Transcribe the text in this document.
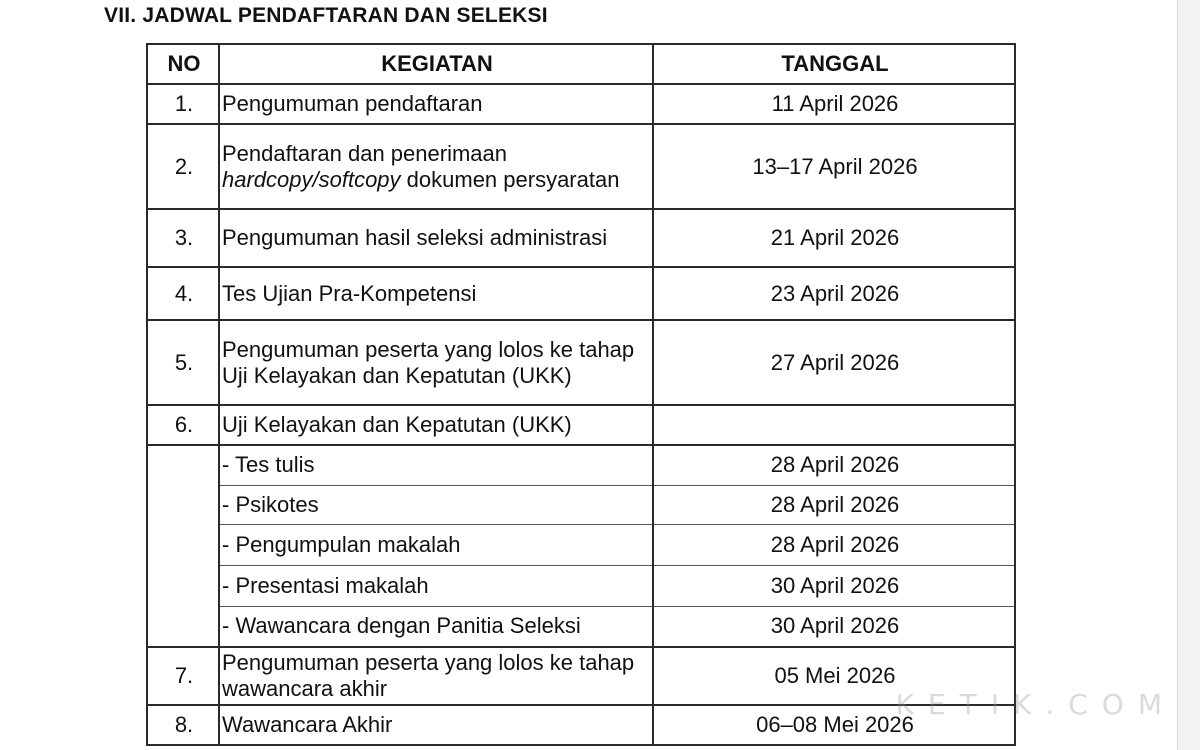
VII. JADWAL PENDAFTARAN DAN SELEKSI
NO	KEGIATAN	TANGGAL
1.	Pengumuman pendaftaran	11 April 2026
2.	Pendaftaran dan penerimaan hardcopy/softcopy dokumen persyaratan	13–17 April 2026
3.	Pengumuman hasil seleksi administrasi	21 April 2026
4.	Tes Ujian Pra-Kompetensi	23 April 2026
5.	Pengumuman peserta yang lolos ke tahap Uji Kelayakan dan Kepatutan (UKK)	27 April 2026
6.	Uji Kelayakan dan Kepatutan (UKK)	
	- Tes tulis	28 April 2026
	- Psikotes	28 April 2026
	- Pengumpulan makalah	28 April 2026
	- Presentasi makalah	30 April 2026
	- Wawancara dengan Panitia Seleksi	30 April 2026
7.	Pengumuman peserta yang lolos ke tahap wawancara akhir	05 Mei 2026
8.	Wawancara Akhir	06–08 Mei 2026
KETIK.COM
